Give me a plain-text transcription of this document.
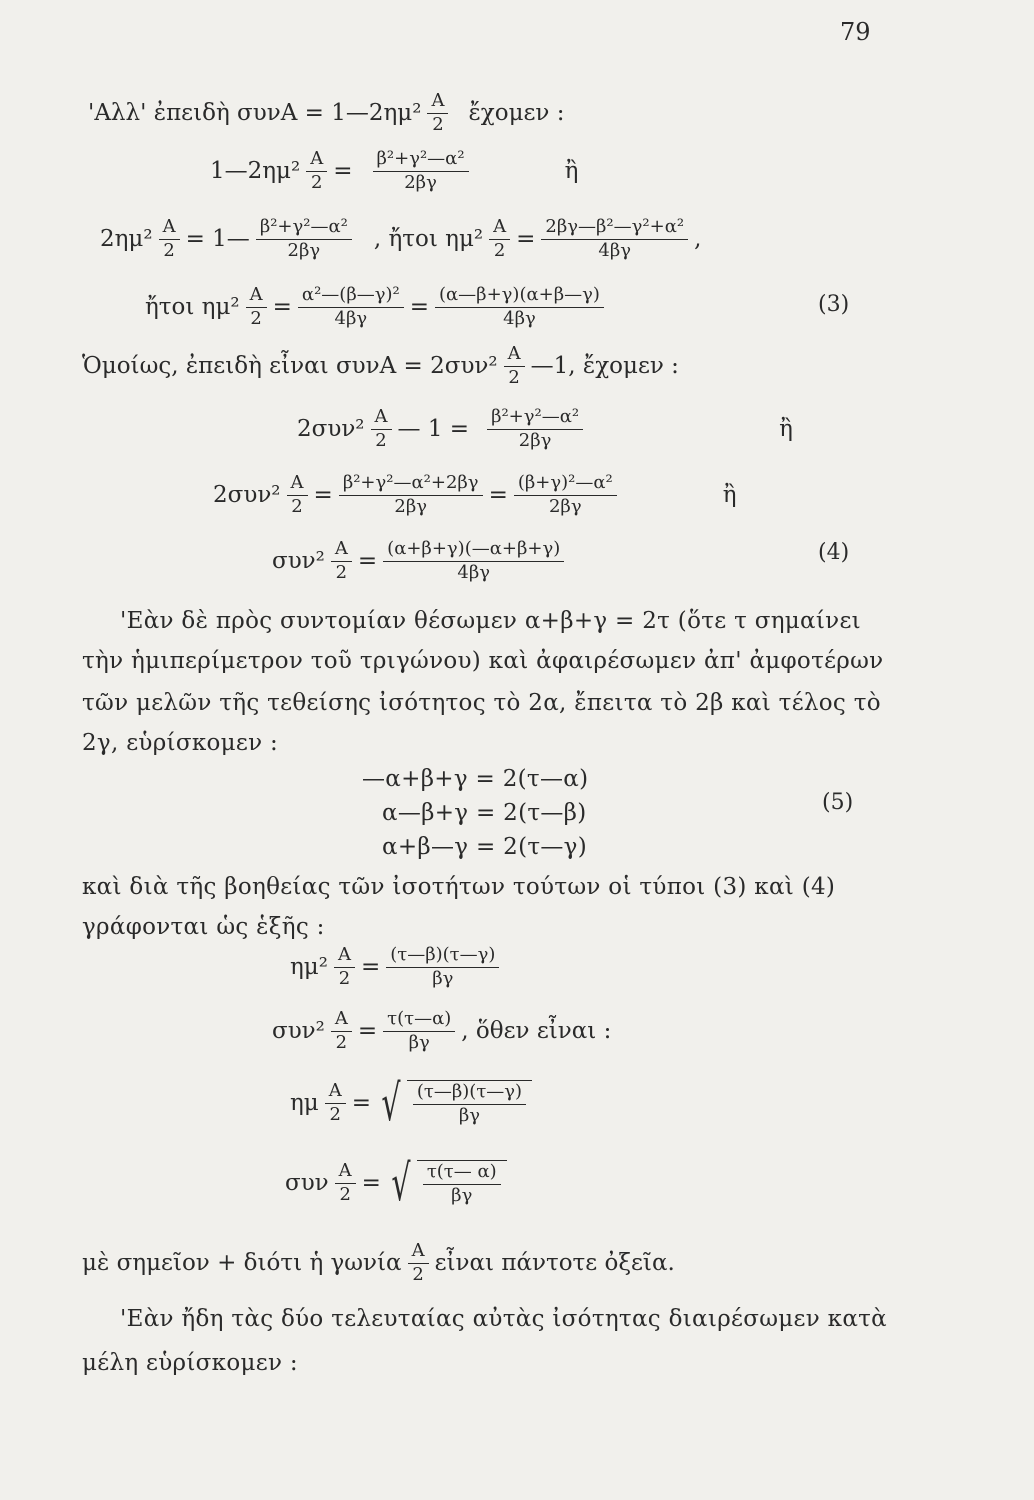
79
'Αλλ' ἐπειδὴ συνΑ = 1—2ημ² $\frac{A}{2}$ ἔχομεν :
1—2ημ² $\frac{A}{2} = \frac{\text{β²+γ²—α²}}{2\beta\gamma}$	ἢ
$2\eta\mu^2 \frac{A}{2}$ = 1— $\frac{\text{β²+γ²—α²}}{2\beta\gamma}$ , ἤτοι $\eta\mu^2 \frac{A}{2} = \frac{\text{2βγ—β²—γ²+α²}}{4\beta\gamma}$ ,
ἤτοι $\eta\mu^2 \frac{A}{2} = \frac{\text{α²—(β—γ)²}}{4\beta\gamma} = \frac{(\alpha—\beta+\gamma)(\alpha+\beta—\gamma)}{4\beta\gamma}$	(3)
Ὁμοίως, ἐπειδὴ εἶναι $\sigma\upsilon\nu A = 2\sigma\upsilon\nu^2 \frac{A}{2}$ —1, ἔχομεν :
$2\sigma\upsilon\nu^2 \frac{A}{2}$ — $1 = \frac{\text{β²+γ²—α²}}{2\beta\gamma}$	ἢ
$2\sigma\upsilon\nu^2 \frac{A}{2} = \frac{\text{β²+γ²—α²+2βγ}}{2\beta\gamma} = \frac{\text{(β+γ)²—α²}}{2\beta\gamma}$	ἢ
$\sigma\upsilon\nu^2 \frac{A}{2} = \frac{(\alpha+\beta+\gamma)(—\alpha+\beta+\gamma)}{4\beta\gamma}$	(4)
'Εὰν δὲ πρὸς συντομίαν θέσωμεν α+β+γ = 2τ (ὅτε τ σημαίνει
τὴν ἡμιπερίμετρον τοῦ τριγώνου) καὶ ἀφαιρέσωμεν ἀπ' ἀμφοτέρων
τῶν μελῶν τῆς τεθείσης ἰσότητος τὸ 2α, ἔπειτα τὸ 2β καὶ τέλος τὸ
2γ, εὑρίσκομεν :
—α+β+γ = 2(τ—α)
α—β+γ = 2(τ—β)
α+β—γ = 2(τ—γ)
(5)
καὶ διὰ τῆς βοηθείας τῶν ἰσοτήτων τούτων οἱ τύποι (3) καὶ (4)
γράφονται ὡς ἑξῆς :
$\eta\mu^2 \frac{A}{2} = \frac{(\tau—\beta)(\tau—\gamma)}{\beta\gamma}$
$\sigma\upsilon\nu^2 \frac{A}{2} = \frac{\tau(\tau—\alpha)}{\beta\gamma}$ , ὅθεν εἶναι :
ημ $\frac{A}{2}$ = √ $\frac{(\tau—\beta)(\tau—\gamma)}{\beta\gamma}$
συν $\frac{A}{2}$ = √ $\frac{\tau(\tau— \alpha)}{\beta\gamma}$
μὲ σημεῖον + διότι ἡ γωνία $\frac{A}{2}$ εἶναι πάντοτε ὀξεῖα.
'Εὰν ἤδη τὰς δύο τελευταίας αὐτὰς ἰσότητας διαιρέσωμεν κατὰ
μέλη εὑρίσκομεν :
